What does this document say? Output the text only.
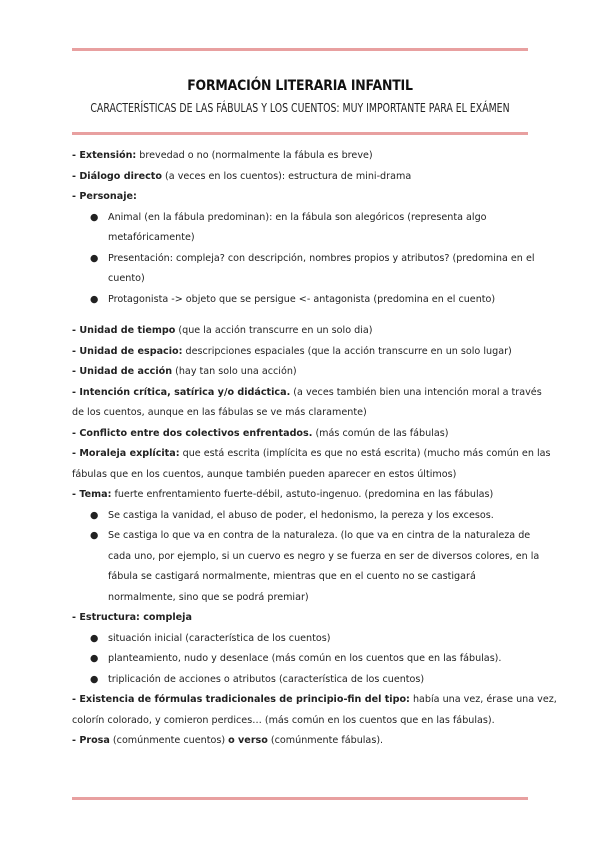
FORMACIÓN LITERARIA INFANTIL
CARACTERÍSTICAS DE LAS FÁBULAS Y LOS CUENTOS: MUY IMPORTANTE PARA EL EXÁMEN
- Extensión: brevedad o no (normalmente la fábula es breve)
- Diálogo directo (a veces en los cuentos): estructura de mini-drama
- Personaje:
● Animal (en la fábula predominan): en la fábula son alegóricos (representa algo
metafóricamente)
● Presentación: compleja? con descripción, nombres propios y atributos? (predomina en el
cuento)
● Protagonista -> objeto que se persigue <- antagonista (predomina en el cuento)
- Unidad de tiempo (que la acción transcurre en un solo dia)
- Unidad de espacio: descripciones espaciales (que la acción transcurre en un solo lugar)
- Unidad de acción (hay tan solo una acción)
- Intención crítica, satírica y/o didáctica. (a veces también bien una intención moral a través
de los cuentos, aunque en las fábulas se ve más claramente)
- Conflicto entre dos colectivos enfrentados. (más común de las fábulas)
- Moraleja explícita: que está escrita (implícita es que no está escrita) (mucho más común en las
fábulas que en los cuentos, aunque también pueden aparecer en estos últimos)
- Tema: fuerte enfrentamiento fuerte-débil, astuto-ingenuo. (predomina en las fábulas)
● Se castiga la vanidad, el abuso de poder, el hedonismo, la pereza y los excesos.
● Se castiga lo que va en contra de la naturaleza. (lo que va en cintra de la naturaleza de
cada uno, por ejemplo, si un cuervo es negro y se fuerza en ser de diversos colores, en la
fábula se castigará normalmente, mientras que en el cuento no se castigará
normalmente, sino que se podrá premiar)
- Estructura: compleja
● situación inicial (característica de los cuentos)
● planteamiento, nudo y desenlace (más común en los cuentos que en las fábulas).
● triplicación de acciones o atributos (característica de los cuentos)
- Existencia de fórmulas tradicionales de principio-fin del tipo: había una vez, érase una vez,
colorín colorado, y comieron perdices… (más común en los cuentos que en las fábulas).
- Prosa (comúnmente cuentos) o verso (comúnmente fábulas).
